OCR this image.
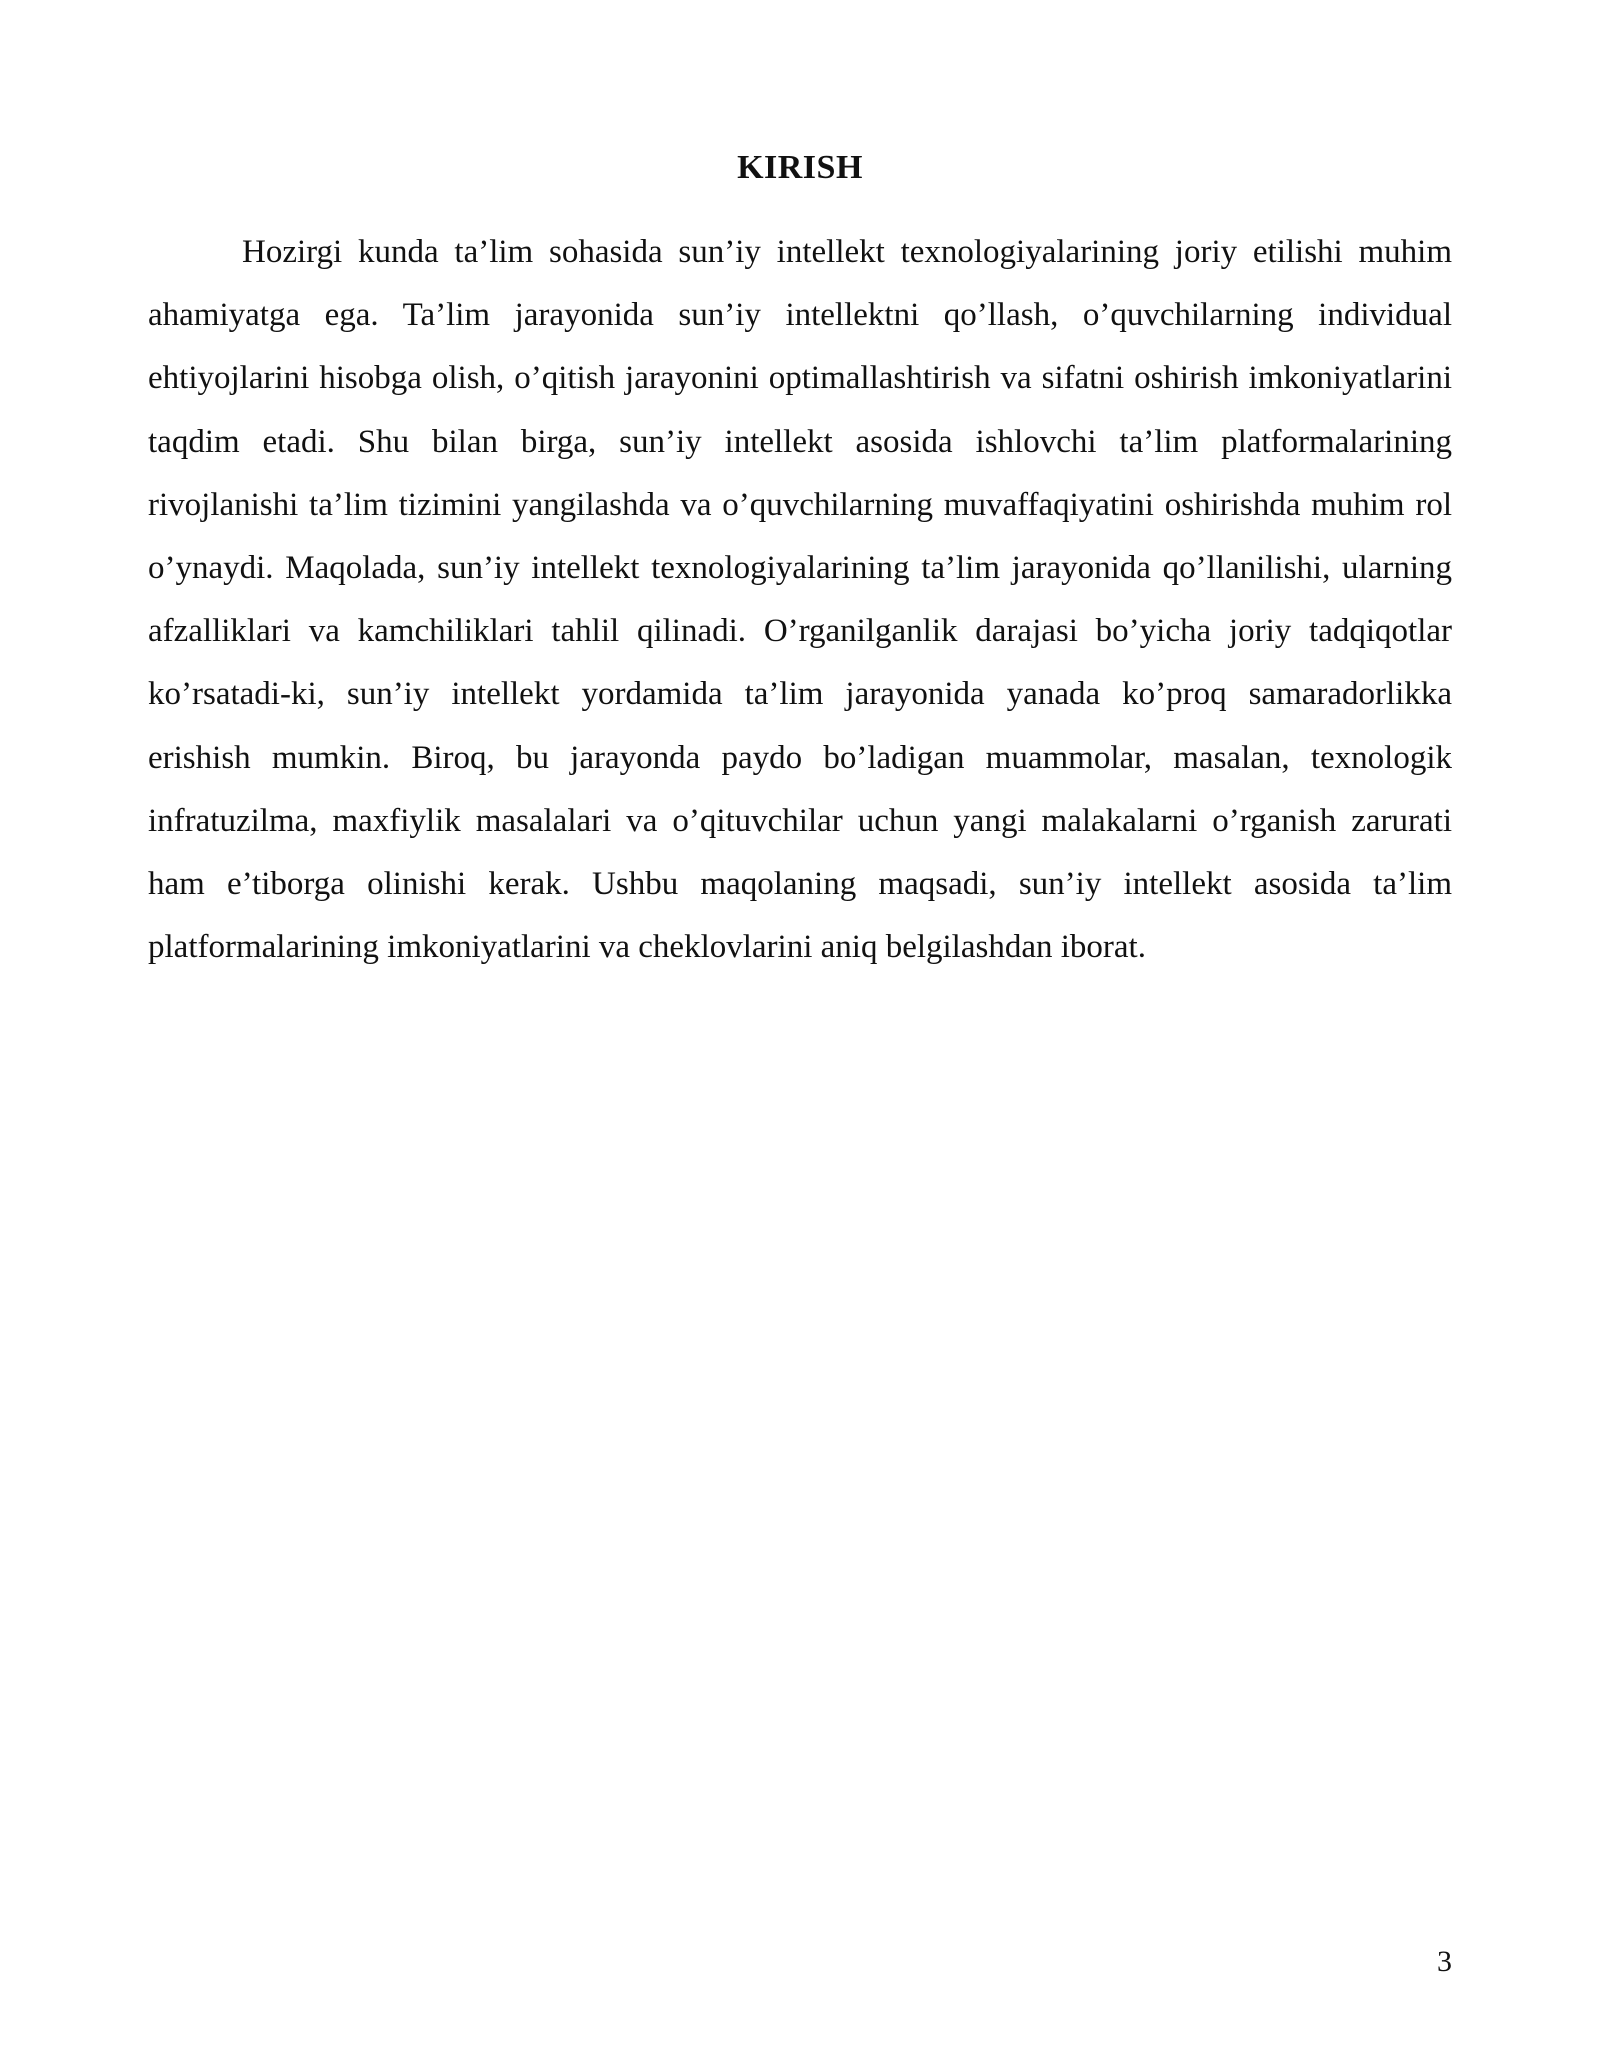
KIRISH

Hozirgi kunda ta’lim sohasida sun’iy intellekt texnologiyalarining joriy etilishi muhim ahamiyatga ega. Ta’lim jarayonida sun’iy intellektni qo’llash, o’quvchilarning individual ehtiyojlarini hisobga olish, o’qitish jarayonini optimallashtirish va sifatni oshirish imkoniyatlarini taqdim etadi. Shu bilan birga, sun’iy intellekt asosida ishlovchi ta’lim platformalarining rivojlanishi ta’lim tizimini yangilashda va o’quvchilarning muvaffaqiyatini oshirishda muhim rol o’ynaydi. Maqolada, sun’iy intellekt texnologiyalarining ta’lim jarayonida qo’llanilishi, ularning afzalliklari va kamchiliklari tahlil qilinadi. O’rganilganlik darajasi bo’yicha joriy tadqiqotlar ko’rsatadi-ki, sun’iy intellekt yordamida ta’lim jarayonida yanada ko’proq samaradorlikka erishish mumkin. Biroq, bu jarayonda paydo bo’ladigan muammolar, masalan, texnologik infratuzilma, maxfiylik masalalari va o’qituvchilar uchun yangi malakalarni o’rganish zarurati ham e’tiborga olinishi kerak. Ushbu maqolaning maqsadi, sun’iy intellekt asosida ta’lim platformalarining imkoniyatlarini va cheklovlarini aniq belgilashdan iborat.

3
